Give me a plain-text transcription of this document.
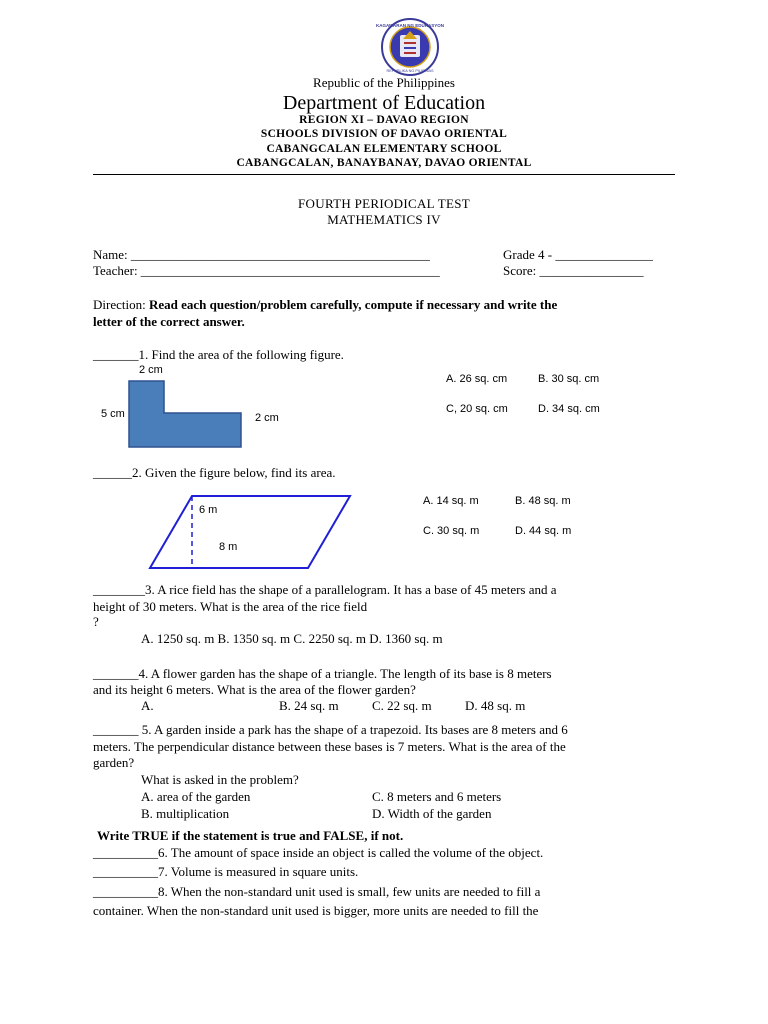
KAGAWARAN NG EDUKASYON
REPUBLIKA NG PILIPINAS
Republic of the Philippines
Department of Education
REGION XI – DAVAO REGION
SCHOOLS DIVISION OF DAVAO ORIENTAL
CABANGCALAN ELEMENTARY SCHOOL
CABANGCALAN, BANAYBANAY, DAVAO ORIENTAL
FOURTH PERIODICAL TEST
MATHEMATICS IV
Name: ______________________________________________	Grade 4 - _______________
Teacher: ______________________________________________	Score: ________________
Direction: Read each question/problem carefully, compute if necessary and write the
letter of the correct answer.
_______1. Find the area of the following figure.
2 cm
5 cm	2 cm
A. 26 sq. cm	B. 30 sq. cm
C, 20 sq. cm	D. 34 sq. cm
______2. Given the figure below, find its area.
6 m
8 m
A. 14 sq. m	B. 48 sq. m
C. 30 sq. m	D. 44 sq. m
________3. A rice field has the shape of a parallelogram. It has a base of 45 meters and a
height of 30 meters. What is the area of the rice field
?
A. 1250 sq. m B. 1350 sq. m C. 2250 sq. m D. 1360 sq. m
_______4. A flower garden has the shape of a triangle. The length of its base is 8 meters
and its height 6 meters. What is the area of the flower garden?
A.	B. 24 sq. m	C. 22 sq. m	D. 48 sq. m
_______ 5. A garden inside a park has the shape of a trapezoid. Its bases are 8 meters and 6
meters. The perpendicular distance between these bases is 7 meters. What is the area of the
garden?
What is asked in the problem?
A. area of the garden	C. 8 meters and 6 meters
B. multiplication	D. Width of the garden
Write TRUE if the statement is true and FALSE, if not.
__________6. The amount of space inside an object is called the volume of the object.
__________7. Volume is measured in square units.
__________8. When the non-standard unit used is small, few units are needed to fill a
container. When the non-standard unit used is bigger, more units are needed to fill the
